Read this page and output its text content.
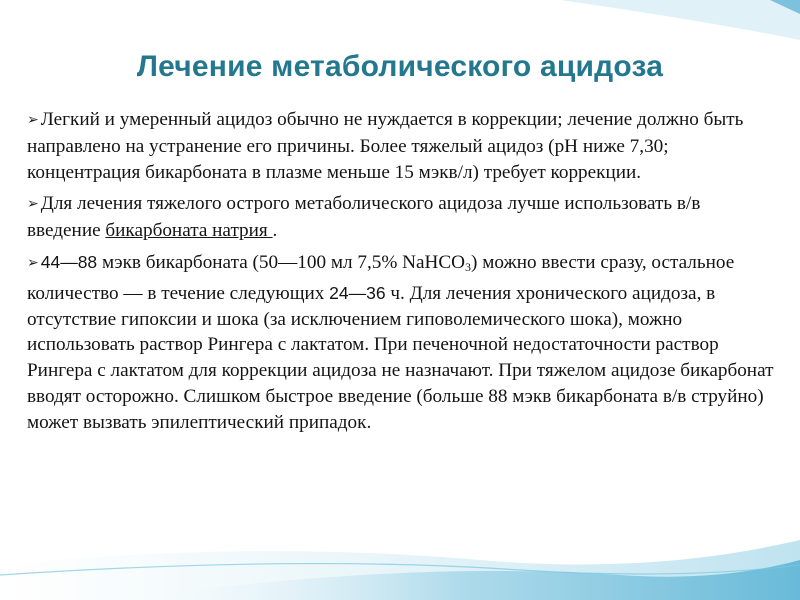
Лечение метаболического ацидоза
➢ Легкий и умеренный ацидоз обычно не нуждается в коррекции; лечение должно быть направлено на устранение его причины. Более тяжелый ацидоз (рН ниже 7,30; концентрация бикарбоната в плазме меньше 15 мэкв/л) требует коррекции.
➢ Для лечения тяжелого острого метаболического ацидоза лучше использовать в/в введение бикарбоната натрия .
➢ 44—88 мэкв бикарбоната (50—100 мл 7,5% NaHCO$_3$) можно ввести сразу, остальное количество — в течение следующих 24—36 ч. Для лечения хронического ацидоза, в отсутствие гипоксии и шока (за исключением гиповолемического шока), можно использовать раствор Рингера с лактатом. При печеночной недостаточности раствор Рингера с лактатом для коррекции ацидоза не назначают. При тяжелом ацидозе бикарбонат вводят осторожно. Слишком быстрое введение (больше 88 мэкв бикарбоната в/в струйно) может вызвать эпилептический припадок.
